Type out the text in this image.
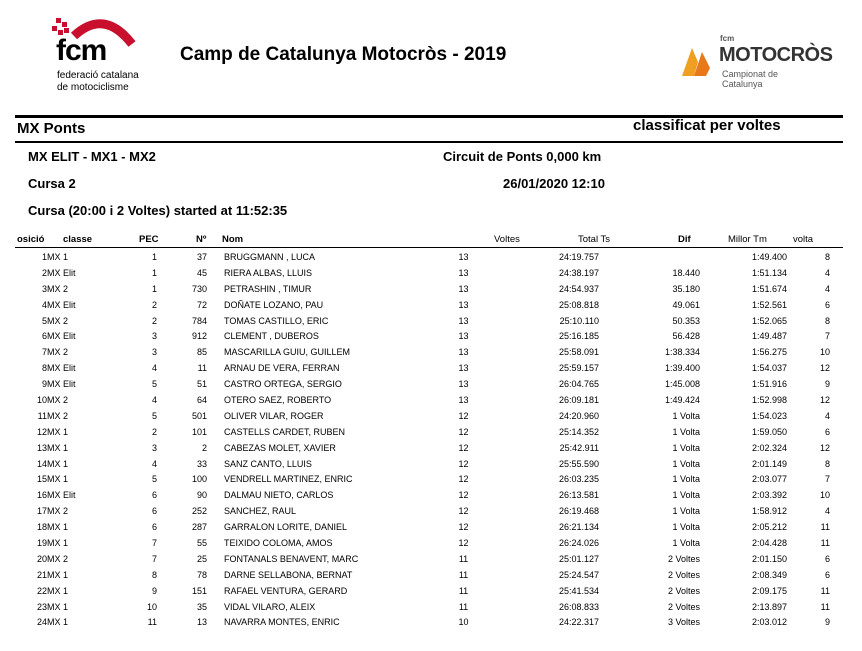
fcm
federació catalana
de motociclisme
Camp de Catalunya Motocròs - 2019
fcm
MOTOCRÒS
Campionat de Catalunya
MX Ponts	classificat per voltes
MX ELIT - MX1 - MX2	Circuit de Ponts 0,000 km
Cursa 2	26/01/2020 12:10
Cursa (20:00 i 2 Voltes) started at 11:52:35
osició classe	PEC	Nº Nom	Voltes	Total Ts	Dif	Millor Tm	volta
1	MX 1	1	37		BRUGGMANN , LUCA	13	24:19.757		1:49.400	8
2	MX Elit	1	45		RIERA ALBAS, LLUIS	13	24:38.197	18.440	1:51.134	4
3	MX 2	1	730		PETRASHIN , TIMUR	13	24:54.937	35.180	1:51.674	4
4	MX Elit	2	72		DOÑATE LOZANO, PAU	13	25:08.818	49.061	1:52.561	6
5	MX 2	2	784		TOMAS CASTILLO, ERIC	13	25:10.110	50.353	1:52.065	8
6	MX Elit	3	912		CLEMENT , DUBEROS	13	25:16.185	56.428	1:49.487	7
7	MX 2	3	85		MASCARILLA GUIU, GUILLEM	13	25:58.091	1:38.334	1:56.275	10
8	MX Elit	4	11		ARNAU DE VERA, FERRAN	13	25:59.157	1:39.400	1:54.037	12
9	MX Elit	5	51		CASTRO ORTEGA, SERGIO	13	26:04.765	1:45.008	1:51.916	9
10	MX 2	4	64		OTERO SAEZ, ROBERTO	13	26:09.181	1:49.424	1:52.998	12
11	MX 2	5	501		OLIVER VILAR, ROGER	12	24:20.960	1 Volta	1:54.023	4
12	MX 1	2	101		CASTELLS CARDET, RUBEN	12	25:14.352	1 Volta	1:59.050	6
13	MX 1	3	2		CABEZAS MOLET, XAVIER	12	25:42.911	1 Volta	2:02.324	12
14	MX 1	4	33		SANZ CANTO, LLUIS	12	25:55.590	1 Volta	2:01.149	8
15	MX 1	5	100		VENDRELL MARTINEZ, ENRIC	12	26:03.235	1 Volta	2:03.077	7
16	MX Elit	6	90		DALMAU NIETO, CARLOS	12	26:13.581	1 Volta	2:03.392	10
17	MX 2	6	252		SANCHEZ, RAUL	12	26:19.468	1 Volta	1:58.912	4
18	MX 1	6	287		GARRALON LORITE, DANIEL	12	26:21.134	1 Volta	2:05.212	11
19	MX 1	7	55		TEIXIDO COLOMA, AMOS	12	26:24.026	1 Volta	2:04.428	11
20	MX 2	7	25		FONTANALS BENAVENT, MARC	11	25:01.127	2 Voltes	2:01.150	6
21	MX 1	8	78		DARNE SELLABONA, BERNAT	11	25:24.547	2 Voltes	2:08.349	6
22	MX 1	9	151		RAFAEL VENTURA, GERARD	11	25:41.534	2 Voltes	2:09.175	11
23	MX 1	10	35		VIDAL VILARO, ALEIX	11	26:08.833	2 Voltes	2:13.897	11
24	MX 1	11	13		NAVARRA MONTES, ENRIC	10	24:22.317	3 Voltes	2:03.012	9
